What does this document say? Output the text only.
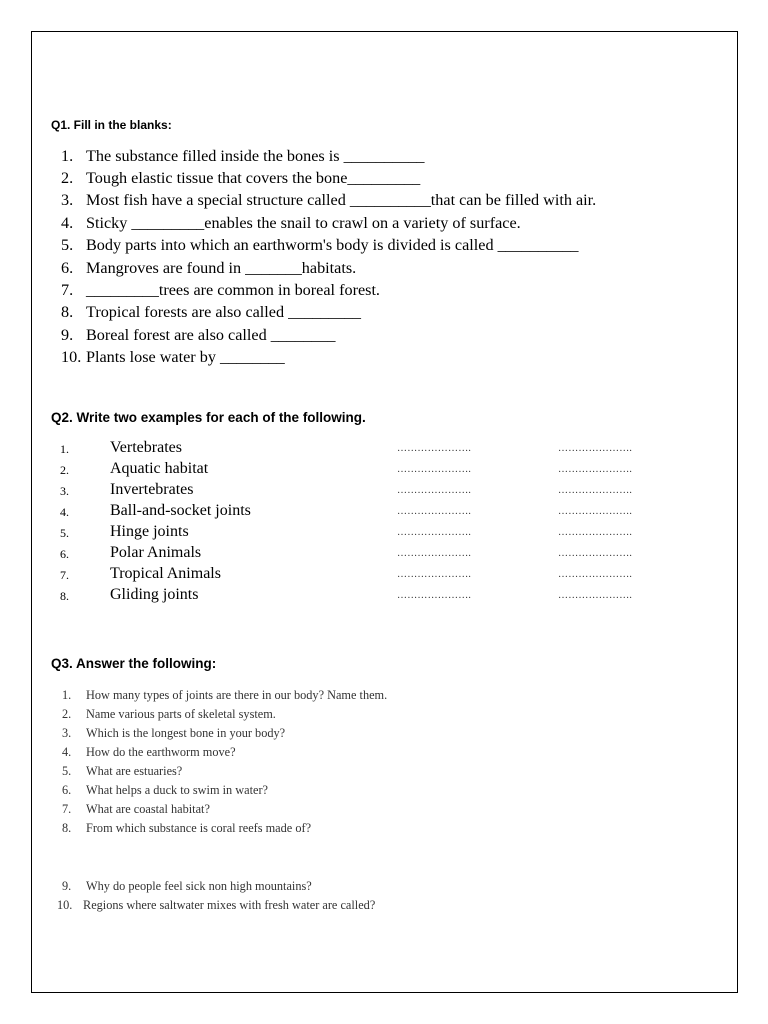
Q1. Fill in the blanks:
1. The substance filled inside the bones is __________
2. Tough elastic tissue that covers the bone_________
3. Most fish have a special structure called __________that can be filled with air.
4. Sticky _________enables the snail to crawl on a variety of surface.
5. Body parts into which an earthworm's body is divided is called __________
6. Mangroves are found in _______habitats.
7. _________trees are common in boreal forest.
8. Tropical forests are also called _________
9. Boreal forest are also called ________
10. Plants lose water by ________
Q2. Write two examples for each of the following.
1.	Vertebrates	………………….	………………….
2.	Aquatic habitat	………………….	………………….
3.	Invertebrates	………………….	………………….
4.	Ball-and-socket joints	………………….	………………….
5.	Hinge joints	………………….	………………….
6.	Polar Animals	………………….	………………….
7.	Tropical Animals	………………….	………………….
8.	Gliding joints	………………….	………………….
Q3. Answer the following:
1. How many types of joints are there in our body? Name them.
2. Name various parts of skeletal system.
3. Which is the longest bone in your body?
4. How do the earthworm move?
5. What are estuaries?
6. What helps a duck to swim in water?
7. What are coastal habitat?
8. From which substance is coral reefs made of?
9. Why do people feel sick non high mountains?
10. Regions where saltwater mixes with fresh water are called?
